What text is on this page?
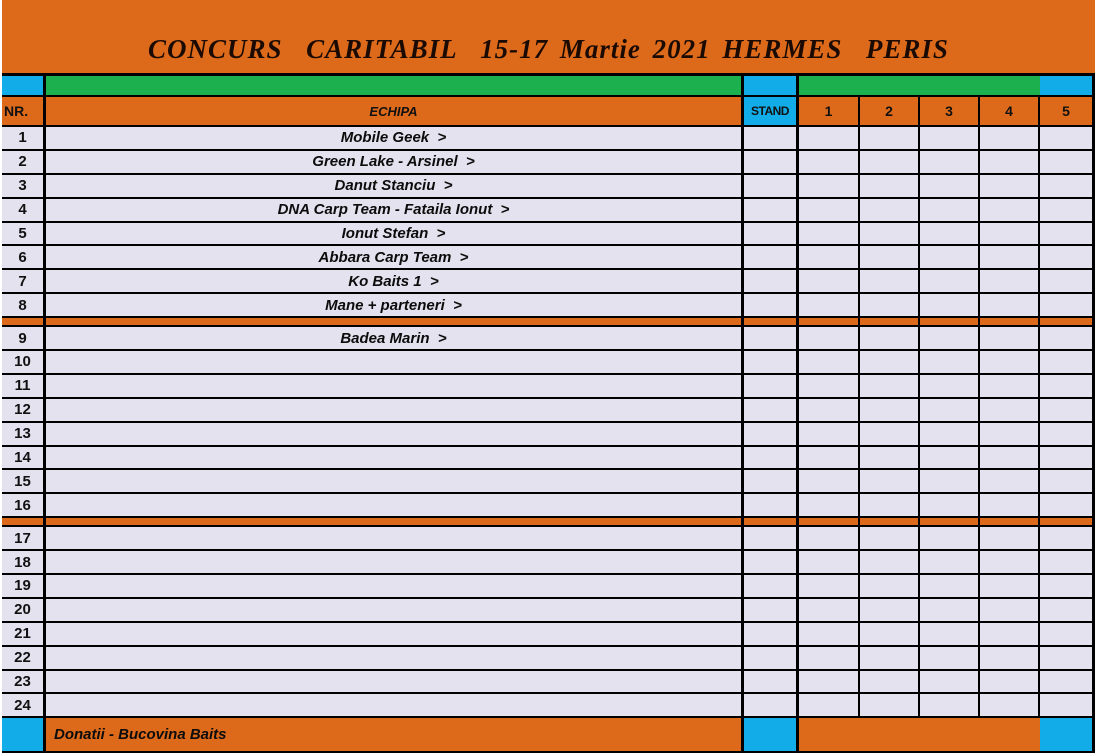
CONCURS  CARITABIL  15-17 Martie 2021 HERMES  PERIS
NR.	ECHIPA	STAND	1	2	3	4	5
1	Mobile Geek  >
2	Green Lake - Arsinel  >
3	Danut Stanciu  >
4	DNA Carp Team - Fataila Ionut  >
5	Ionut Stefan  >
6	Abbara Carp Team  >
7	Ko Baits 1  >
8	Mane + parteneri  >
9	Badea Marin  >
10
11
12
13
14
15
16
17
18
19
20
21
22
23
24
Donatii - Bucovina Baits
